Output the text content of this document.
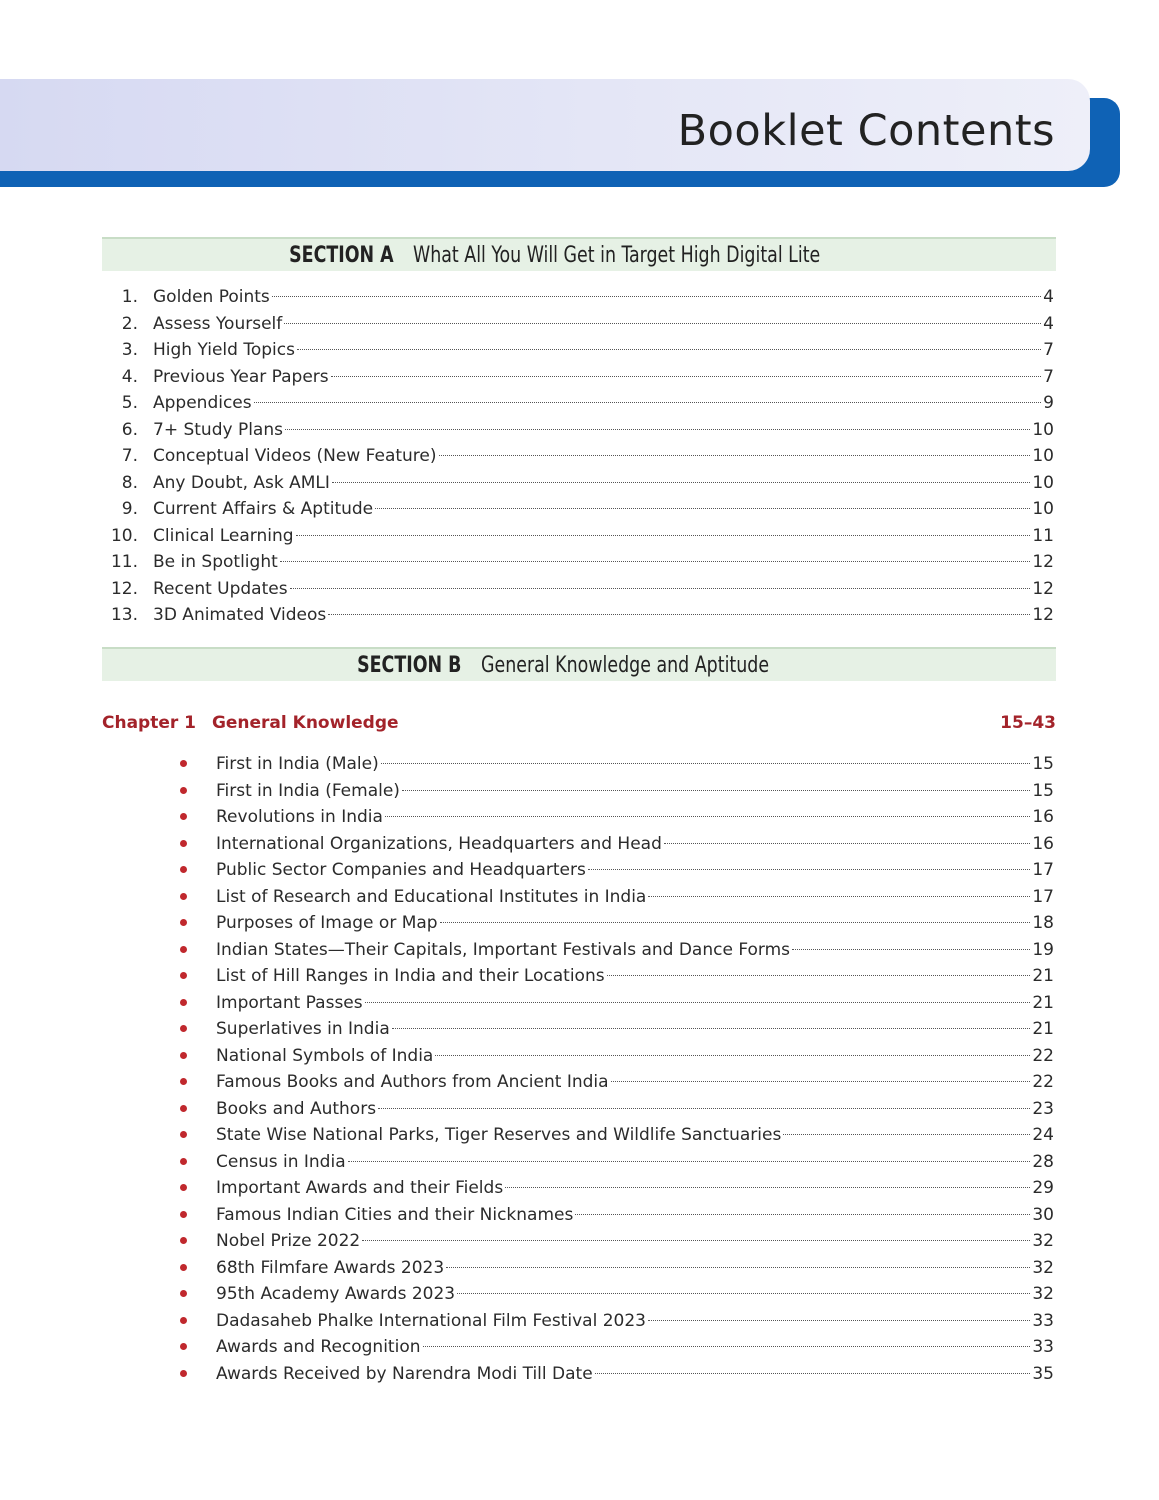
Booklet Contents
SECTION A What All You Will Get in Target High Digital Lite
1. Golden Points	4
2. Assess Yourself	4
3. High Yield Topics	7
4. Previous Year Papers	7
5. Appendices	9
6. 7+ Study Plans	10
7. Conceptual Videos (New Feature)	10
8. Any Doubt, Ask AMLI	10
9. Current Affairs & Aptitude	10
10. Clinical Learning	11
11. Be in Spotlight	12
12. Recent Updates	12
13. 3D Animated Videos	12
SECTION B General Knowledge and Aptitude
Chapter 1 General Knowledge	15–43
First in India (Male)	15
First in India (Female)	15
Revolutions in India	16
International Organizations, Headquarters and Head	16
Public Sector Companies and Headquarters	17
List of Research and Educational Institutes in India	17
Purposes of Image or Map	18
Indian States—Their Capitals, Important Festivals and Dance Forms	19
List of Hill Ranges in India and their Locations	21
Important Passes	21
Superlatives in India	21
National Symbols of India	22
Famous Books and Authors from Ancient India	22
Books and Authors	23
State Wise National Parks, Tiger Reserves and Wildlife Sanctuaries	24
Census in India	28
Important Awards and their Fields	29
Famous Indian Cities and their Nicknames	30
Nobel Prize 2022	32
68th Filmfare Awards 2023	32
95th Academy Awards 2023	32
Dadasaheb Phalke International Film Festival 2023	33
Awards and Recognition	33
Awards Received by Narendra Modi Till Date	35
